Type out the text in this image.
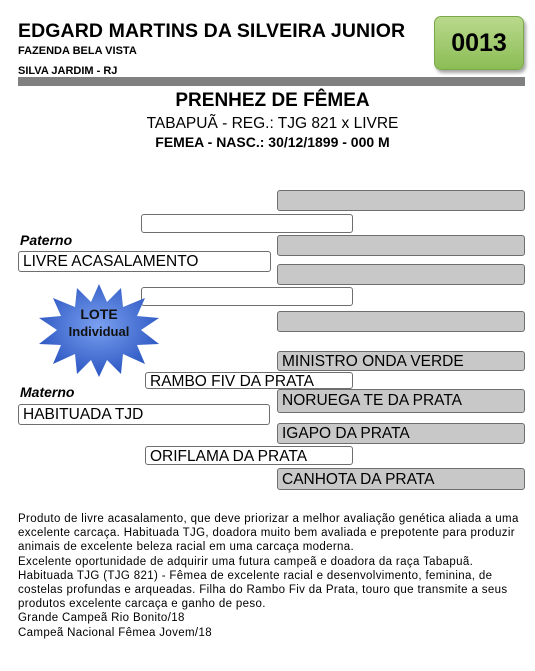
EDGARD MARTINS DA SILVEIRA JUNIOR
FAZENDA BELA VISTA
SILVA JARDIM - RJ
0013
PRENHEZ DE FÊMEA
TABAPUÃ - REG.: TJG 821 x LIVRE
FEMEA - NASC.: 30/12/1899 - 000 M
Paterno
LIVRE ACASALAMENTO
LOTE
Individual
MINISTRO ONDA VERDE
RAMBO FIV DA PRATA
Materno	NORUEGA TE DA PRATA
HABITUADA TJD
IGAPO DA PRATA
ORIFLAMA DA PRATA
CANHOTA DA PRATA

Produto de livre acasalamento, que deve priorizar a melhor avaliação genética aliada a uma excelente carcaça. Habituada TJG, doadora muito bem avaliada e prepotente para produzir animais de excelente beleza racial em uma carcaça moderna.

Excelente oportunidade de adquirir uma futura campeã e doadora da raça Tabapuã. Habituada TJG (TJG 821) - Fêmea de excelente racial e desenvolvimento, feminina, de costelas profundas e arqueadas. Filha do Rambo Fiv da Prata, touro que transmite a seus produtos excelente carcaça e ganho de peso.

Grande Campeã Rio Bonito/18

Campeã Nacional Fêmea Jovem/18
